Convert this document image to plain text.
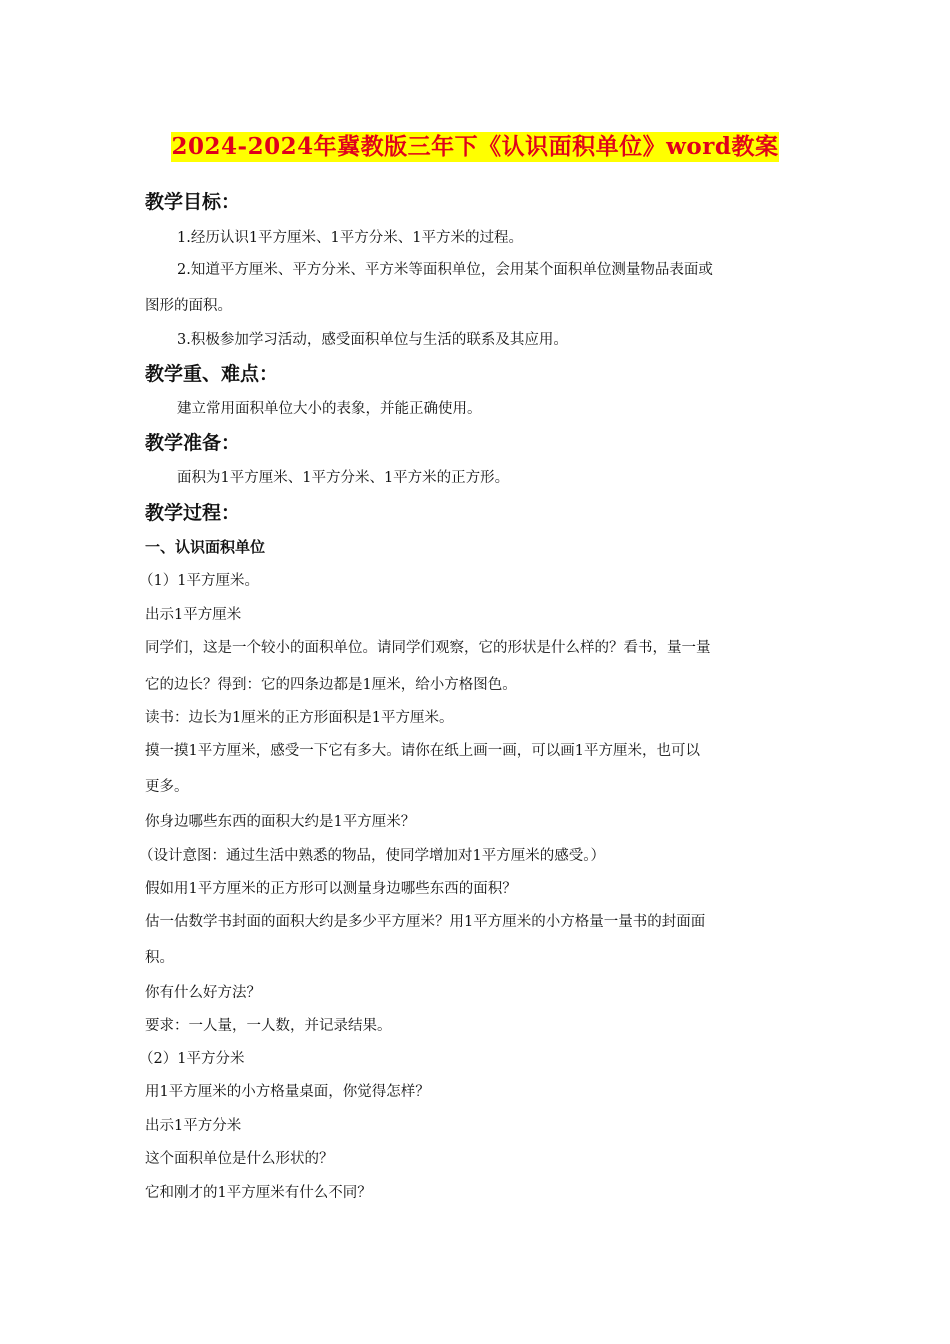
2024-2024年冀教版三年下《认识面积单位》word教案
教学目标：
1.经历认识1平方厘米、1平方分米、1平方米的过程。
2.知道平方厘米、平方分米、平方米等面积单位，会用某个面积单位测量物品表面或
图形的面积。
3.积极参加学习活动，感受面积单位与生活的联系及其应用。
教学重、难点：
建立常用面积单位大小的表象，并能正确使用。
教学准备：
面积为1平方厘米、1平方分米、1平方米的正方形。
教学过程：
一、认识面积单位
（1）1平方厘米。
出示1平方厘米
同学们，这是一个较小的面积单位。请同学们观察，它的形状是什么样的？看书，量一量
它的边长？得到：它的四条边都是1厘米，给小方格图色。
读书：边长为1厘米的正方形面积是1平方厘米。
摸一摸1平方厘米，感受一下它有多大。请你在纸上画一画，可以画1平方厘米，也可以
更多。
你身边哪些东西的面积大约是1平方厘米？
（设计意图：通过生活中熟悉的物品，使同学增加对1平方厘米的感受。）
假如用1平方厘米的正方形可以测量身边哪些东西的面积？
估一估数学书封面的面积大约是多少平方厘米？用1平方厘米的小方格量一量书的封面面
积。
你有什么好方法？
要求：一人量，一人数，并记录结果。
（2）1平方分米
用1平方厘米的小方格量桌面，你觉得怎样？
出示1平方分米
这个面积单位是什么形状的？
它和刚才的1平方厘米有什么不同？
